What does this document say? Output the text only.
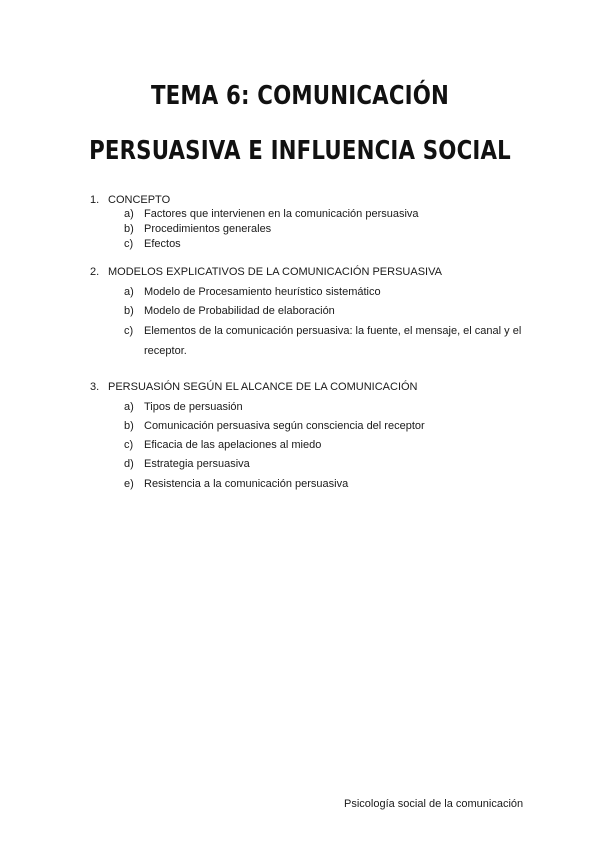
TEMA 6: COMUNICACIÓN
PERSUASIVA E INFLUENCIA SOCIAL
1. CONCEPTO
a) Factores que intervienen en la comunicación persuasiva
b) Procedimientos generales
c) Efectos
2. MODELOS EXPLICATIVOS DE LA COMUNICACIÓN PERSUASIVA
a) Modelo de Procesamiento heurístico sistemático
b) Modelo de Probabilidad de elaboración
c) Elementos de la comunicación persuasiva: la fuente, el mensaje, el canal y el
receptor.
3. PERSUASIÓN SEGÚN EL ALCANCE DE LA COMUNICACIÓN
a) Tipos de persuasión
b) Comunicación persuasiva según consciencia del receptor
c) Eficacia de las apelaciones al miedo
d) Estrategia persuasiva
e) Resistencia a la comunicación persuasiva
Psicología social de la comunicación
